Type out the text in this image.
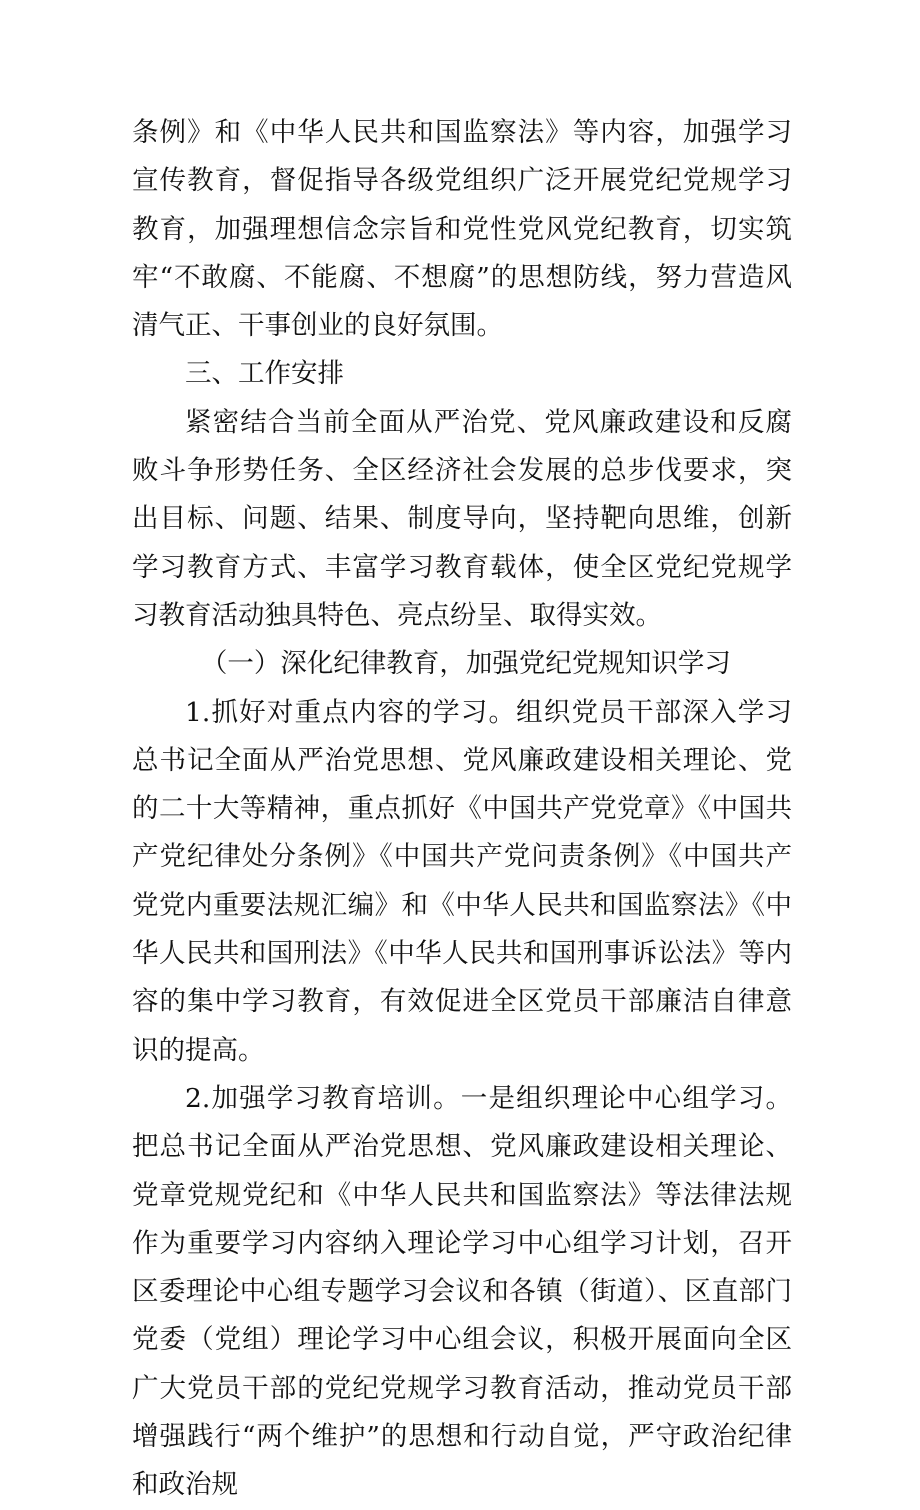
条例》和《中华人民共和国监察法》等内容，加强学习宣传教育，督促指导各级党组织广泛开展党纪党规学习教育，加强理想信念宗旨和党性党风党纪教育，切实筑牢“不敢腐、不能腐、不想腐”的思想防线，努力营造风清气正、干事创业的良好氛围。

三、工作安排

紧密结合当前全面从严治党、党风廉政建设和反腐败斗争形势任务、全区经济社会发展的总步伐要求，突出目标、问题、结果、制度导向，坚持靶向思维，创新学习教育方式、丰富学习教育载体，使全区党纪党规学习教育活动独具特色、亮点纷呈、取得实效。

（一）深化纪律教育，加强党纪党规知识学习

1.抓好对重点内容的学习。组织党员干部深入学习总书记全面从严治党思想、党风廉政建设相关理论、党的二十大等精神，重点抓好《中国共产党党章》《中国共产党纪律处分条例》《中国共产党问责条例》《中国共产党党内重要法规汇编》和《中华人民共和国监察法》《中华人民共和国刑法》《中华人民共和国刑事诉讼法》等内容的集中学习教育，有效促进全区党员干部廉洁自律意识的提高。

2.加强学习教育培训。一是组织理论中心组学习。把总书记全面从严治党思想、党风廉政建设相关理论、党章党规党纪和《中华人民共和国监察法》等法律法规作为重要学习内容纳入理论学习中心组学习计划，召开区委理论中心组专题学习会议和各镇（街道）、区直部门党委（党组）理论学习中心组会议，积极开展面向全区广大党员干部的党纪党规学习教育活动，推动党员干部增强践行“两个维护”的思想和行动自觉，严守政治纪律和政治规
